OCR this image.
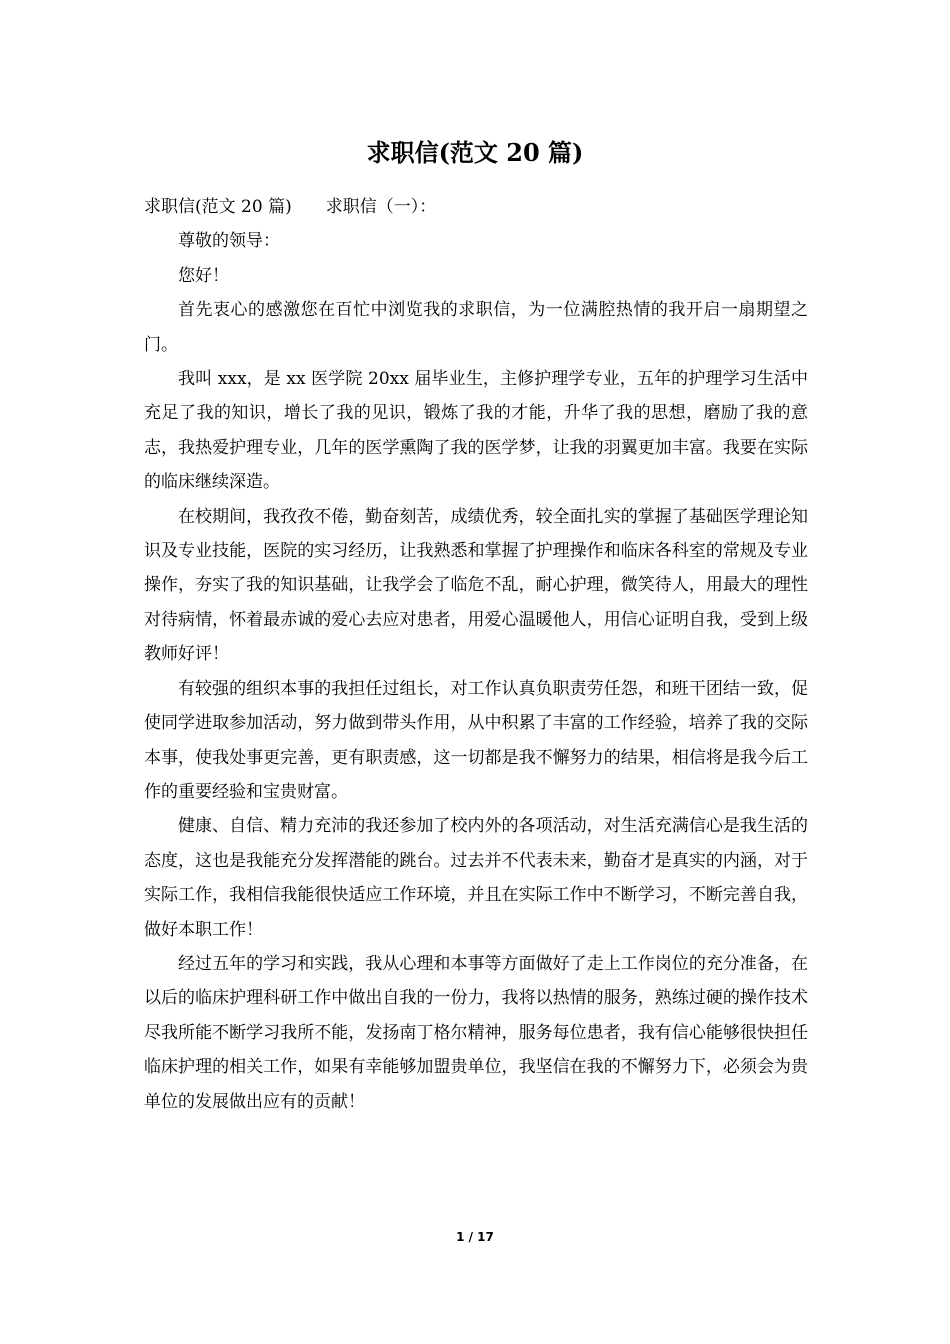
求职信(范文 20 篇)

求职信(范文 20 篇) 求职信（一）：

尊敬的领导：

您好！

首先衷心的感激您在百忙中浏览我的求职信，为一位满腔热情的我开启一扇期望之门。

我叫 xxx，是 xx 医学院 20xx 届毕业生，主修护理学专业，五年的护理学习生活中充足了我的知识，增长了我的见识，锻炼了我的才能，升华了我的思想，磨励了我的意志，我热爱护理专业，几年的医学熏陶了我的医学梦，让我的羽翼更加丰富。我要在实际的临床继续深造。

在校期间，我孜孜不倦，勤奋刻苦，成绩优秀，较全面扎实的掌握了基础医学理论知识及专业技能，医院的实习经历，让我熟悉和掌握了护理操作和临床各科室的常规及专业操作，夯实了我的知识基础，让我学会了临危不乱，耐心护理，微笑待人，用最大的理性对待病情，怀着最赤诚的爱心去应对患者，用爱心温暖他人，用信心证明自我，受到上级教师好评！

有较强的组织本事的我担任过组长，对工作认真负职责劳任怨，和班干团结一致，促使同学进取参加活动，努力做到带头作用，从中积累了丰富的工作经验，培养了我的交际本事，使我处事更完善，更有职责感，这一切都是我不懈努力的结果，相信将是我今后工作的重要经验和宝贵财富。

健康、自信、精力充沛的我还参加了校内外的各项活动，对生活充满信心是我生活的态度，这也是我能充分发挥潜能的跳台。过去并不代表未来，勤奋才是真实的内涵，对于实际工作，我相信我能很快适应工作环境，并且在实际工作中不断学习，不断完善自我，做好本职工作！

经过五年的学习和实践，我从心理和本事等方面做好了走上工作岗位的充分准备，在以后的临床护理科研工作中做出自我的一份力，我将以热情的服务，熟练过硬的操作技术尽我所能不断学习我所不能，发扬南丁格尔精神，服务每位患者，我有信心能够很快担任临床护理的相关工作，如果有幸能够加盟贵单位，我坚信在我的不懈努力下，必须会为贵单位的发展做出应有的贡献！

1 / 17
